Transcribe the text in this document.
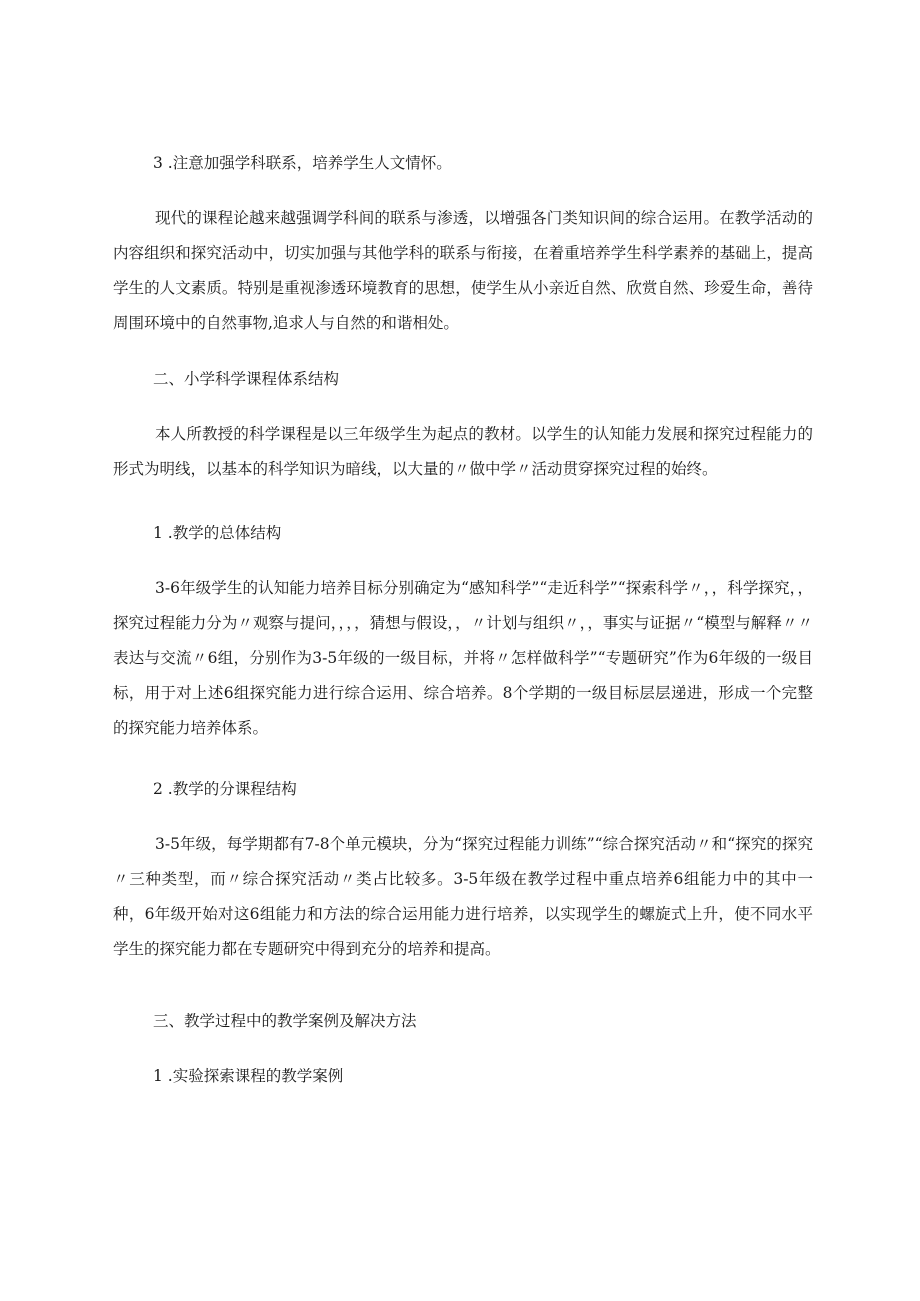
3 .注意加强学科联系，培养学生人文情怀。

现代的课程论越来越强调学科间的联系与渗透，以增强各门类知识间的综合运用。在教学活动的内容组织和探究活动中，切实加强与其他学科的联系与衔接，在着重培养学生科学素养的基础上，提高学生的人文素质。特别是重视渗透环境教育的思想，使学生从小亲近自然、欣赏自然、珍爱生命，善待周围环境中的自然事物,追求人与自然的和谐相处。

二、小学科学课程体系结构

本人所教授的科学课程是以三年级学生为起点的教材。以学生的认知能力发展和探究过程能力的形式为明线，以基本的科学知识为暗线，以大量的〃做中学〃活动贯穿探究过程的始终。

1 .教学的总体结构

3-6年级学生的认知能力培养目标分别确定为“感知科学”“走近科学”“探索科学〃，，科学探究，，探究过程能力分为〃观察与提问，，，，猜想与假设，，〃计划与组织〃，，事实与证据〃“模型与解释〃〃表达与交流〃6组，分别作为3-5年级的一级目标，并将〃怎样做科学”“专题研究”作为6年级的一级目标，用于对上述6组探究能力进行综合运用、综合培养。8个学期的一级目标层层递进，形成一个完整的探究能力培养体系。

2 .教学的分课程结构

3-5年级，每学期都有7-8个单元模块，分为“探究过程能力训练”“综合探究活动〃和“探究的探究〃三种类型，而〃综合探究活动〃类占比较多。3-5年级在教学过程中重点培养6组能力中的其中一种，6年级开始对这6组能力和方法的综合运用能力进行培养，以实现学生的螺旋式上升，使不同水平学生的探究能力都在专题研究中得到充分的培养和提高。

三、教学过程中的教学案例及解决方法

1 .实验探索课程的教学案例
